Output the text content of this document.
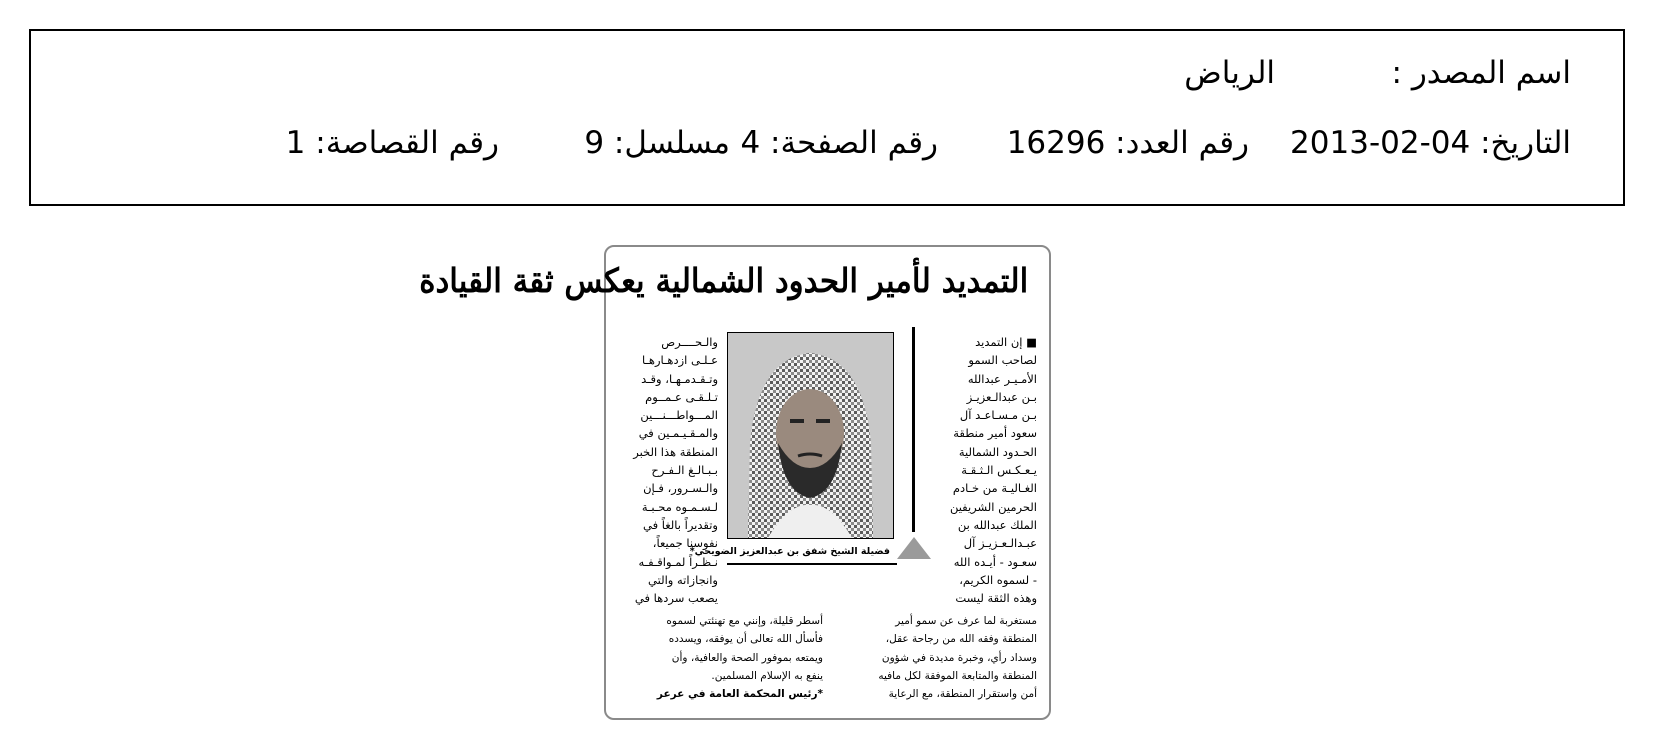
اسم المصدر :
الرياض
التاريخ: 04-02-2013
رقم العدد: 16296
رقم الصفحة: 4
مسلسل: 9
رقم القصاصة: 1
التمديد لأمير الحدود الشمالية يعكس ثقة القيادة
■ إن التمديد
لصاحب السمو
الأمـيـر عبدالله
بـن عبدالـعزيـز
بـن مـسـاعـد آل
سعود أمير منطقة
الحـدود الشمالية
يـعـكـس الـثـقـة
الغـاليـة من خـادم
الحرمين الشريفين
الملك عبدالله بن
عبـدالـعـزيـز آل
سعـود - أيـده الله
- لسموه الكريم،
وهذه الثقة ليست
فضيلة الشيخ شفق بن عبدالعزيز الضويحي*
والـحــــرص
عـلـى ازدهـارهـا
وتـقـدمـهـا، وقـد
تـلـقـى عـمــوم
المـــواطـــنـــين
والمـقـيـمـين في
المنطقة هذا الخبر
بـبـالـغ الـفـرح
والـسـرور، فـإن
لـسـمـوه محـبـة
وتقديراً بالغاً في
نفوسنا جميعاً،
نـظـراً لمـواقـفـه
وانجازاته والتي
يصعب سردها في
مستغربة لما عرف عن سمو أمير
المنطقة وفقه الله من رجاحة عقل،
وسداد رأي، وخبرة مديدة في شؤون
المنطقة والمتابعة الموفقة لكل مافيه
أمن واستقرار المنطقة، مع الرعاية
أسطر قليلة، وإنني مع تهنئتي لسموه
فأسأل الله تعالى أن يوفقه، ويسدده
ويمتعه بموفور الصحة والعافية، وأن
ينفع به الإسلام المسلمين.
*رئيس المحكمة العامة في عرعر
